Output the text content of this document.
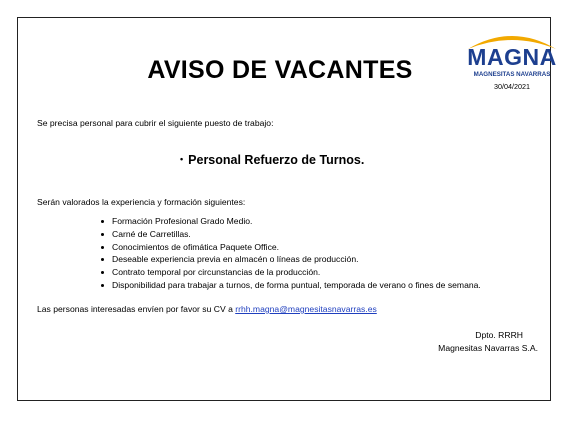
MAGNA
MAGNESITAS NAVARRAS
30/04/2021
AVISO DE VACANTES
Se precisa personal para cubrir el siguiente puesto de trabajo:
• Personal Refuerzo de Turnos.
Serán valorados la experiencia y formación siguientes:
Formación Profesional Grado Medio.
Carné de Carretillas.
Conocimientos de ofimática Paquete Office.
Deseable experiencia previa en almacén o líneas de producción.
Contrato temporal por circunstancias de la producción.
Disponibilidad para trabajar a turnos, de forma puntual, temporada de verano o fines de semana.
Las personas interesadas envíen por favor su CV a rrhh.magna@magnesitasnavarras.es
Dpto. RRRH
Magnesitas Navarras S.A.
